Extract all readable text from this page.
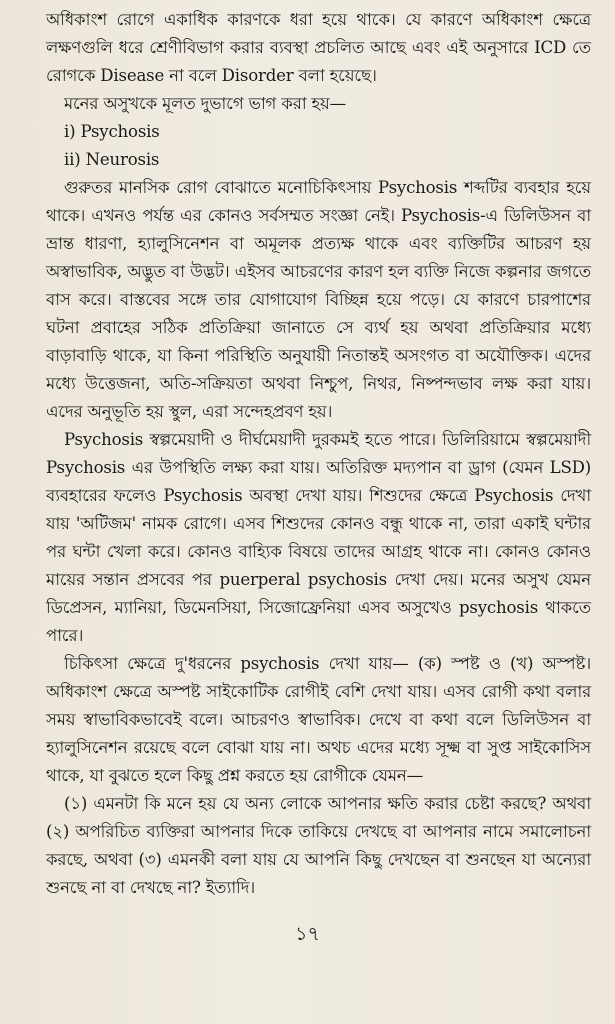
অধিকাংশ রোগে একাধিক কারণকে ধরা হয়ে থাকে। যে কারণে অধিকাংশ ক্ষেত্রে লক্ষণগুলি ধরে শ্রেণীবিভাগ করার ব্যবস্থা প্রচলিত আছে এবং এই অনুসারে ICD তে রোগকে Disease না বলে Disorder বলা হয়েছে।

মনের অসুখকে মূলত দুভাগে ভাগ করা হয়—

i) Psychosis

ii) Neurosis

গুরুতর মানসিক রোগ বোঝাতে মনোচিকিৎসায় Psychosis শব্দটির ব্যবহার হয়ে থাকে। এখনও পর্যন্ত এর কোনও সর্বসম্মত সংজ্ঞা নেই। Psychosis-এ ডিলিউসন বা ভ্রান্ত ধারণা, হ্যালুসিনেশন বা অমূলক প্রত্যক্ষ থাকে এবং ব্যক্তিটির আচরণ হয় অস্বাভাবিক, অদ্ভুত বা উদ্ভট। এইসব আচরণের কারণ হল ব্যক্তি নিজে কল্পনার জগতে বাস করে। বাস্তবের সঙ্গে তার যোগাযোগ বিচ্ছিন্ন হয়ে পড়ে। যে কারণে চারপাশের ঘটনা প্রবাহের সঠিক প্রতিক্রিয়া জানাতে সে ব্যর্থ হয় অথবা প্রতিক্রিয়ার মধ্যে বাড়াবাড়ি থাকে, যা কিনা পরিস্থিতি অনুযায়ী নিতান্তই অসংগত বা অযৌক্তিক। এদের মধ্যে উত্তেজনা, অতি-সক্রিয়তা অথবা নিশ্চুপ, নিথর, নিষ্পন্দভাব লক্ষ করা যায়। এদের অনুভূতি হয় স্থুল, এরা সন্দেহপ্রবণ হয়।

Psychosis স্বল্পমেয়াদী ও দীর্ঘমেয়াদী দুরকমই হতে পারে। ডিলিরিয়ামে স্বল্পমেয়াদী Psychosis এর উপস্থিতি লক্ষ্য করা যায়। অতিরিক্ত মদ্যপান বা ড্রাগ (যেমন LSD) ব্যবহারের ফলেও Psychosis অবস্থা দেখা যায়। শিশুদের ক্ষেত্রে Psychosis দেখা যায় 'অটিজম' নামক রোগে। এসব শিশুদের কোনও বন্ধু থাকে না, তারা একাই ঘন্টার পর ঘন্টা খেলা করে। কোনও বাহ্যিক বিষয়ে তাদের আগ্রহ থাকে না। কোনও কোনও মায়ের সন্তান প্রসবের পর puerperal psychosis দেখা দেয়। মনের অসুখ যেমন ডিপ্রেসন, ম্যানিয়া, ডিমেনসিয়া, সিজোফ্রেনিয়া এসব অসুখেও psychosis থাকতে পারে।

চিকিৎসা ক্ষেত্রে দু'ধরনের psychosis দেখা যায়— (ক) স্পষ্ট ও (খ) অস্পষ্ট। অধিকাংশ ক্ষেত্রে অস্পষ্ট সাইকোটিক রোগীই বেশি দেখা যায়। এসব রোগী কথা বলার সময় স্বাভাবিকভাবেই বলে। আচরণও স্বাভাবিক। দেখে বা কথা বলে ডিলিউসন বা হ্যালুসিনেশন রয়েছে বলে বোঝা যায় না। অথচ এদের মধ্যে সূক্ষ্ম বা সুপ্ত সাইকোসিস থাকে, যা বুঝতে হলে কিছু প্রশ্ন করতে হয় রোগীকে যেমন—

(১) এমনটা কি মনে হয় যে অন্য লোকে আপনার ক্ষতি করার চেষ্টা করছে? অথবা (২) অপরিচিত ব্যক্তিরা আপনার দিকে তাকিয়ে দেখছে বা আপনার নামে সমালোচনা করছে, অথবা (৩) এমনকী বলা যায় যে আপনি কিছু দেখছেন বা শুনছেন যা অন্যেরা শুনছে না বা দেখছে না? ইত্যাদি।

১৭
